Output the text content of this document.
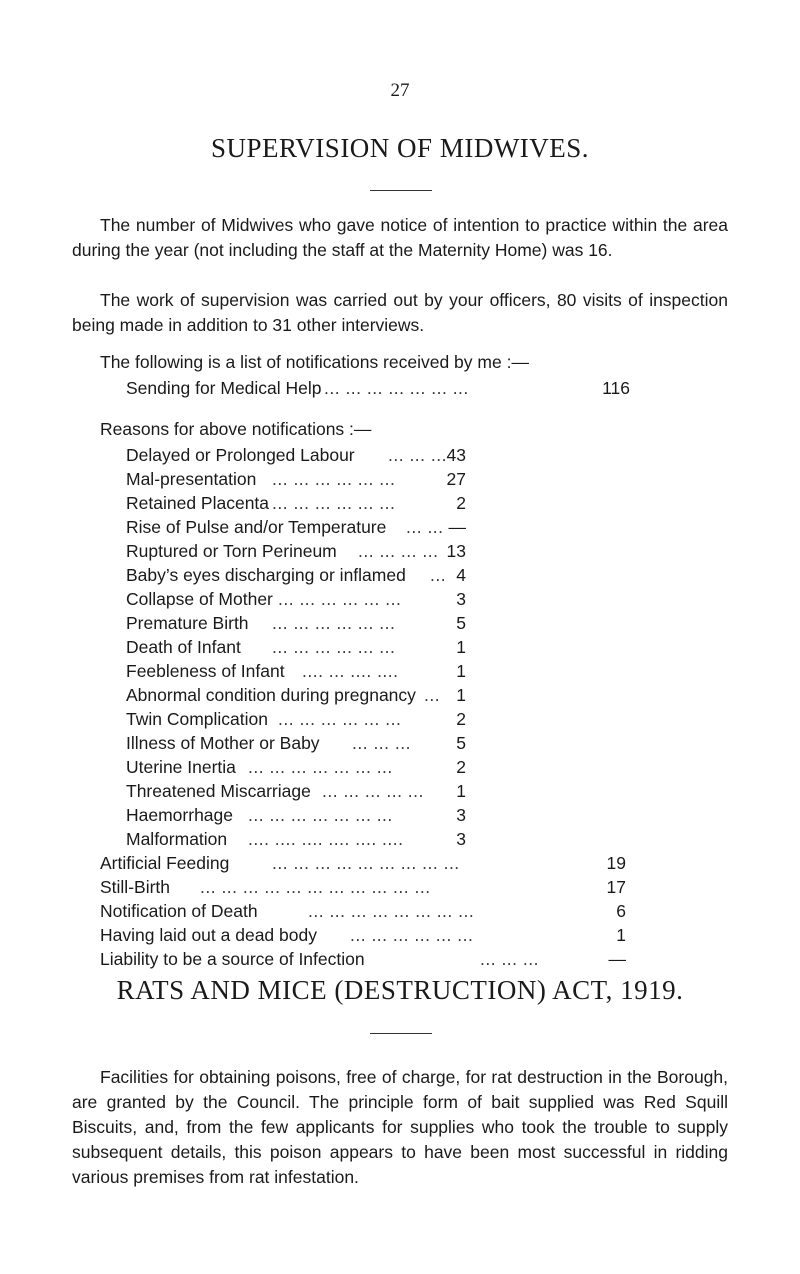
27
SUPERVISION OF MIDWIVES.
The number of Midwives who gave notice of intention to practice within the area during the year (not including the staff at the Maternity Home) was 16.
The work of supervision was carried out by your officers, 80 visits of inspection being made in addition to 31 other interviews.
The following is a list of notifications received by me :—
Sending for Medical Help ... ... ... ... ... ... ...	116
Reasons for above notifications :—
Delayed or Prolonged Labour ... ... ... 43
Mal-presentation ... ... ... ... ... ...	27
Retained Placenta ... ... ... ... ... ...	2
Rise of Pulse and/or Temperature ... ... —
Ruptured or Torn Perineum ... ... ... ... 13
Baby’s eyes discharging or inflamed ... 4
Collapse of Mother ... ... ... ... ... ...	3
Premature Birth ... ... ... ... ... ...	5
Death of Infant ... ... ... ... ... ...	1
Feebleness of Infant .... ... .... ....	1
Abnormal condition during pregnancy ... 1
Twin Complication ... ... ... ... ... ...	2
Illness of Mother or Baby ... ... ...	5
Uterine Inertia ... ... ... ... ... ... ...	2
Threatened Miscarriage ... ... ... ... ...	1
Haemorrhage ... ... ... ... ... ... ...	3
Malformation .... .... .... .... .... ....	3
Artificial Feeding ... ... ... ... ... ... ... ... ...	19
Still-Birth ... ... ... ... ... ... ... ... ... ... ...	17
Notification of Death	... ... ... ... ... ... ... ...	6
Having laid out a dead body ... ... ... ... ... ...	1
Liability to be a source of Infection	... ... ...	—
RATS AND MICE (DESTRUCTION) ACT, 1919.
Facilities for obtaining poisons, free of charge, for rat destruction in the Borough, are granted by the Council. The principle form of bait supplied was Red Squill Biscuits, and, from the few applicants for supplies who took the trouble to supply subsequent details, this poison appears to have been most successful in ridding various premises from rat infestation.
